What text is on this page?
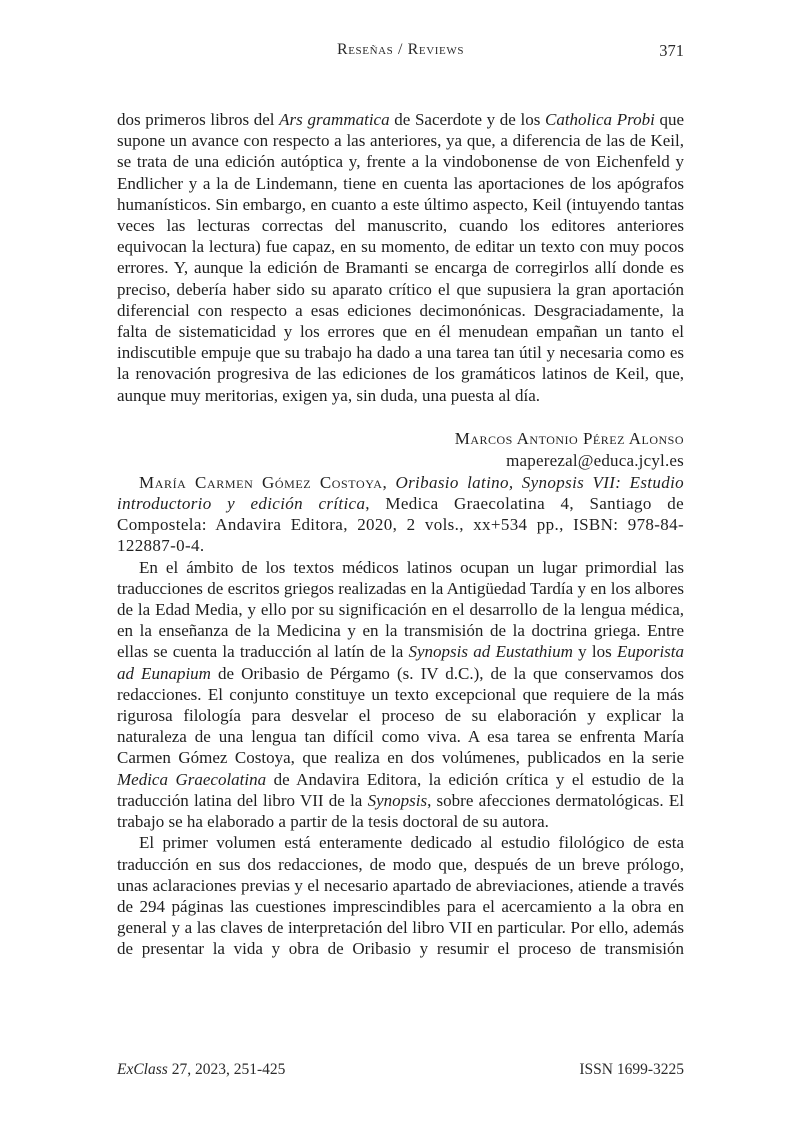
Reseñas / Reviews	371

dos primeros libros del Ars grammatica de Sacerdote y de los Catholica Probi que supone un avance con respecto a las anteriores, ya que, a diferencia de las de Keil, se trata de una edición autóptica y, frente a la vindobonense de von Eichenfeld y Endlicher y a la de Lindemann, tiene en cuenta las aportaciones de los apógrafos humanísticos. Sin embargo, en cuanto a este último aspecto, Keil (intuyendo tantas veces las lecturas correctas del manuscrito, cuando los editores anteriores equivocan la lectura) fue capaz, en su momento, de editar un texto con muy pocos errores. Y, aunque la edición de Bramanti se encarga de corregirlos allí donde es preciso, debería haber sido su aparato crítico el que supusiera la gran aportación diferencial con respecto a esas ediciones decimonónicas. Desgraciadamente, la falta de sistematicidad y los errores que en él menudean empañan un tanto el indiscutible empuje que su trabajo ha dado a una tarea tan útil y necesaria como es la renovación progresiva de las ediciones de los gramáticos latinos de Keil, que, aunque muy meritorias, exigen ya, sin duda, una puesta al día.

Marcos Antonio Pérez Alonso
maperezal@educa.jcyl.es

María Carmen Gómez Costoya, Oribasio latino, Synopsis VII: Estudio introductorio y edición crítica, Medica Graecolatina 4, Santiago de Compostela: Andavira Editora, 2020, 2 vols., xx+534 pp., ISBN: 978-84-122887-0-4.

En el ámbito de los textos médicos latinos ocupan un lugar primordial las traducciones de escritos griegos realizadas en la Antigüedad Tardía y en los albores de la Edad Media, y ello por su significación en el desarrollo de la lengua médica, en la enseñanza de la Medicina y en la transmisión de la doctrina griega. Entre ellas se cuenta la traducción al latín de la Synopsis ad Eustathium y los Euporista ad Eunapium de Oribasio de Pérgamo (s. IV d.C.), de la que conservamos dos redacciones. El conjunto constituye un texto excepcional que requiere de la más rigurosa filología para desvelar el proceso de su elaboración y explicar la naturaleza de una lengua tan difícil como viva. A esa tarea se enfrenta María Carmen Gómez Costoya, que realiza en dos volúmenes, publicados en la serie Medica Graecolatina de Andavira Editora, la edición crítica y el estudio de la traducción latina del libro VII de la Synopsis, sobre afecciones dermatológicas. El trabajo se ha elaborado a partir de la tesis doctoral de su autora.

El primer volumen está enteramente dedicado al estudio filológico de esta traducción en sus dos redacciones, de modo que, después de un breve prólogo, unas aclaraciones previas y el necesario apartado de abreviaciones, atiende a través de 294 páginas las cuestiones imprescindibles para el acercamiento a la obra en general y a las claves de interpretación del libro VII en particular. Por ello, además de presentar la vida y obra de Oribasio y resumir el proceso de transmisión

ExClass 27, 2023, 251-425	ISSN 1699-3225
